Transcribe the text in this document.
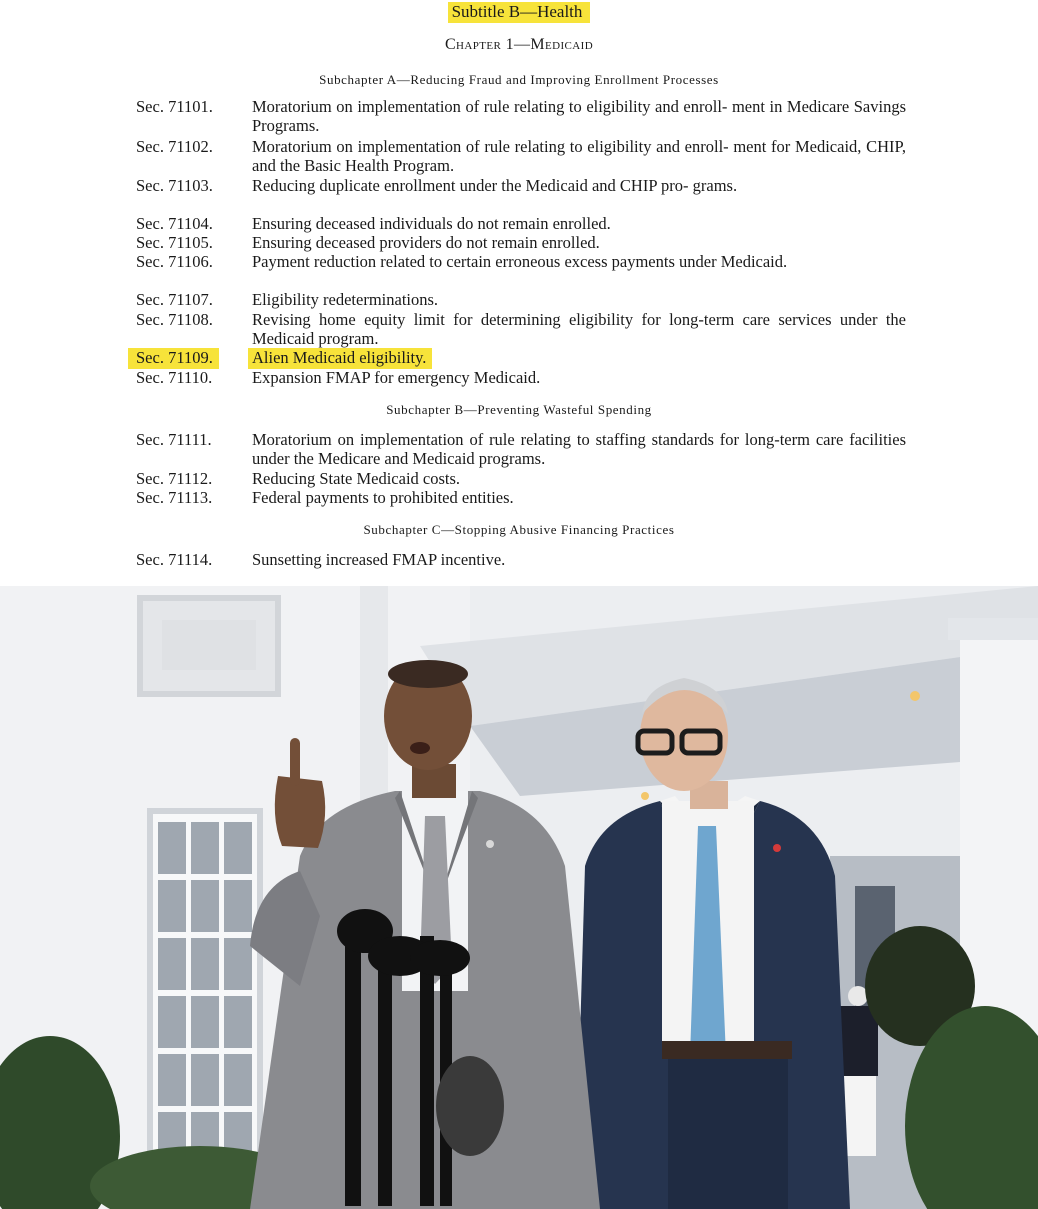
Subtitle B—Health
Chapter 1—Medicaid
Subchapter A—Reducing Fraud and Improving Enrollment Processes
Sec. 71101. Moratorium on implementation of rule relating to eligibility and enroll- ment in Medicare Savings Programs.
Sec. 71102. Moratorium on implementation of rule relating to eligibility and enroll- ment for Medicaid, CHIP, and the Basic Health Program.
Sec. 71103. Reducing duplicate enrollment under the Medicaid and CHIP pro- grams.
Sec. 71104. Ensuring deceased individuals do not remain enrolled.
Sec. 71105. Ensuring deceased providers do not remain enrolled.
Sec. 71106. Payment reduction related to certain erroneous excess payments under Medicaid.
Sec. 71107. Eligibility redeterminations.
Sec. 71108. Revising home equity limit for determining eligibility for long-term care services under the Medicaid program.
Sec. 71109.	Alien Medicaid eligibility.
Sec. 71110. Expansion FMAP for emergency Medicaid.
Subchapter B—Preventing Wasteful Spending
Sec. 71111. Moratorium on implementation of rule relating to staffing standards for long-term care facilities under the Medicare and Medicaid programs.
Sec. 71112. Reducing State Medicaid costs.
Sec. 71113. Federal payments to prohibited entities.
Subchapter C—Stopping Abusive Financing Practices
Sec. 71114. Sunsetting increased FMAP incentive.
